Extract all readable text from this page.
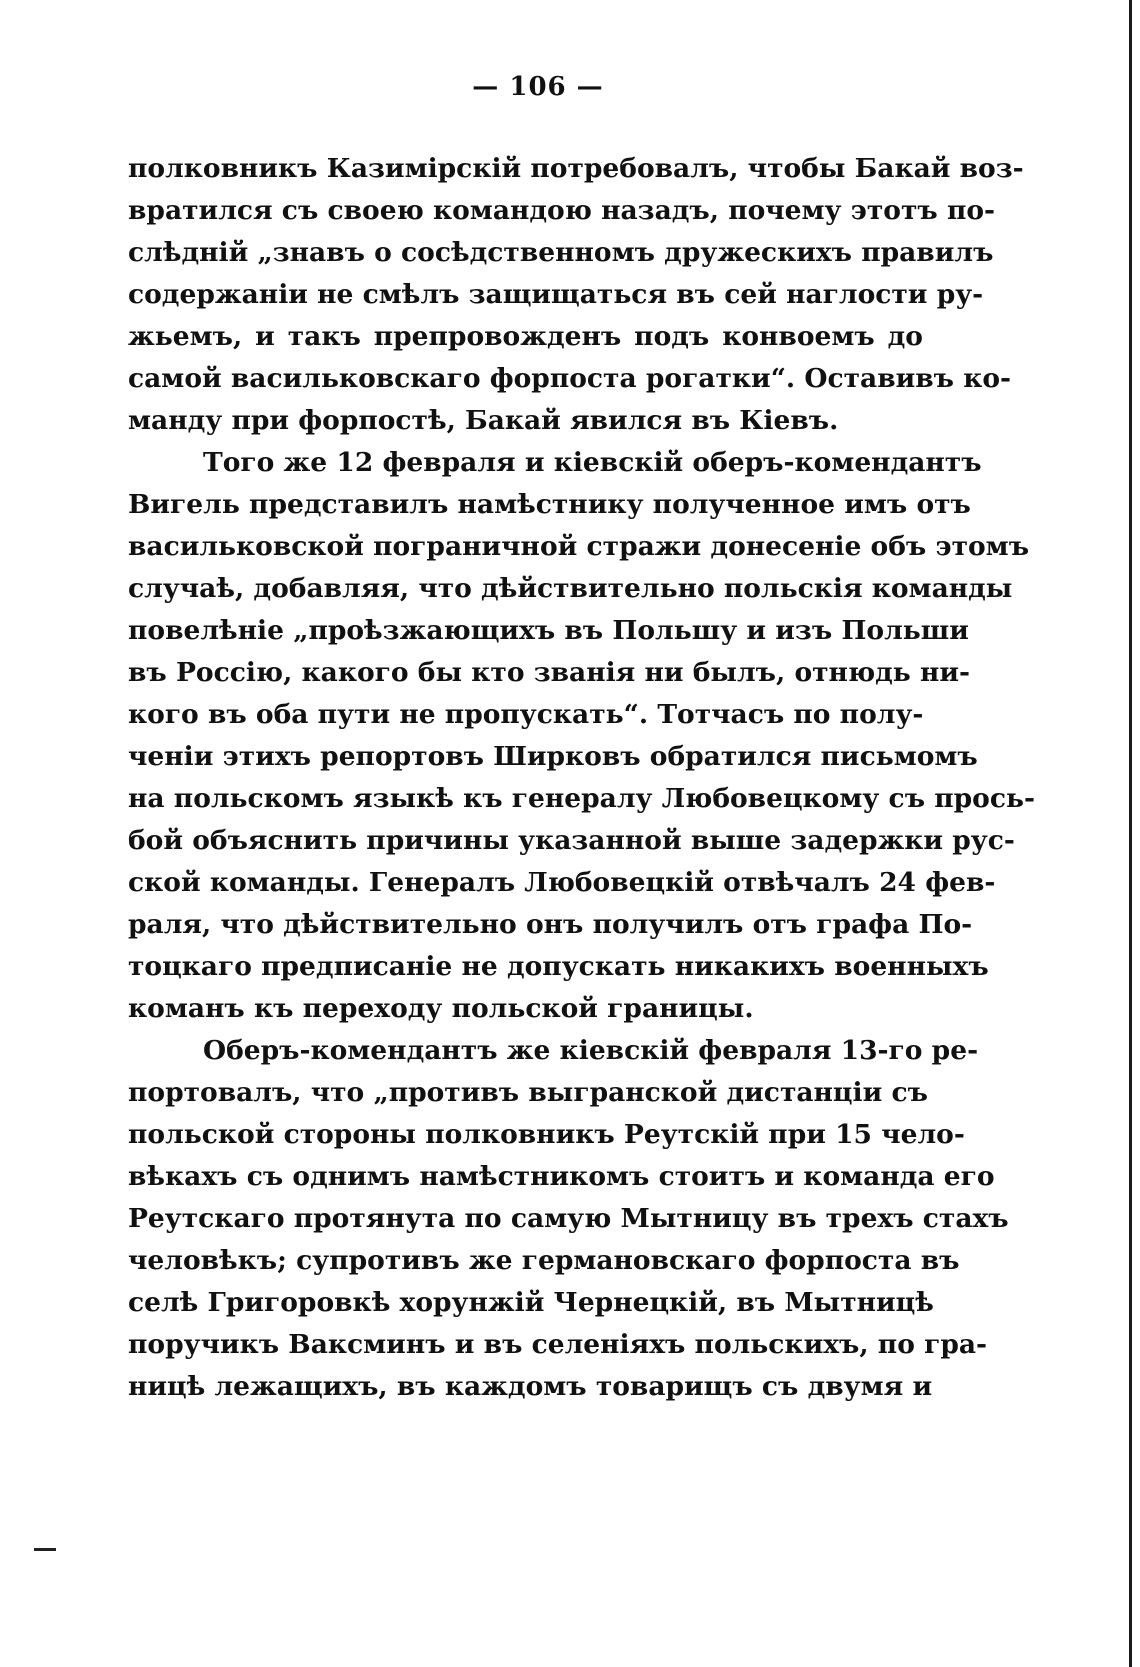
— 106 —
полковникъ Казимірскій потребовалъ, чтобы Бакай воз-
вратился съ своею командою назадъ, почему этотъ по-
слѣдній „знавъ о сосѣдственномъ дружескихъ правилъ
содержаніи не смѣлъ защищаться въ сей наглости ру-
жьемъ, и такъ препровожденъ подъ конвоемъ до
самой васильковскаго форпоста рогатки“. Оставивъ ко-
манду при форпостѣ, Бакай явился въ Кіевъ.
Того же 12 февраля и кіевскій оберъ-комендантъ
Вигель представилъ намѣстнику полученное имъ отъ
васильковской пограничной стражи донесеніе объ этомъ
случаѣ, добавляя, что дѣйствительно польскія команды
повелѣніе „проѣзжающихъ въ Польшу и изъ Польши
въ Россію, какого бы кто званія ни былъ, отнюдь ни-
кого въ оба пути не пропускать“. Тотчасъ по полу-
ченіи этихъ репортовъ Ширковъ обратился письмомъ
на польскомъ языкѣ къ генералу Любовецкому съ прось-
бой объяснить причины указанной выше задержки рус-
ской команды. Генералъ Любовецкій отвѣчалъ 24 фев-
раля, что дѣйствительно онъ получилъ отъ графа По-
тоцкаго предписаніе не допускать никакихъ военныхъ
команъ къ переходу польской границы.
Оберъ-комендантъ же кіевскій февраля 13-го ре-
портовалъ, что „противъ выгранской дистанціи съ
польской стороны полковникъ Реутскій при 15 чело-
вѣкахъ съ однимъ намѣстникомъ стоитъ и команда его
Реутскаго протянута по самую Мытницу въ трехъ стахъ
человѣкъ; супротивъ же германовскаго форпоста въ
селѣ Григоровкѣ хорунжій Чернецкій, въ Мытницѣ
поручикъ Ваксминъ и въ селеніяхъ польскихъ, по гра-
ницѣ лежащихъ, въ каждомъ товарищъ съ двумя и
